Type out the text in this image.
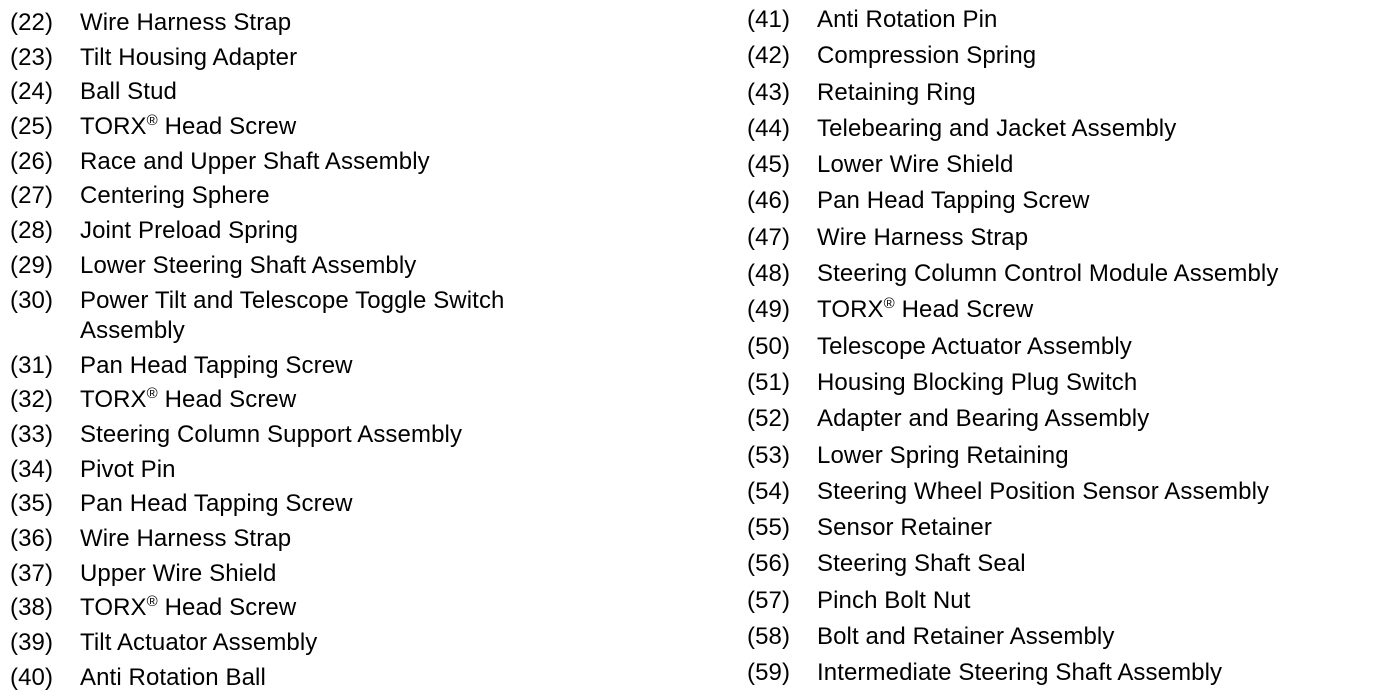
(22)	Wire Harness Strap
(23)	Tilt Housing Adapter
(24)	Ball Stud
(25)	TORX® Head Screw
(26)	Race and Upper Shaft Assembly
(27)	Centering Sphere
(28)	Joint Preload Spring
(29)	Lower Steering Shaft Assembly
(30)	Power Tilt and Telescope Toggle Switch Assembly
(31)	Pan Head Tapping Screw
(32)	TORX® Head Screw
(33)	Steering Column Support Assembly
(34)	Pivot Pin
(35)	Pan Head Tapping Screw
(36)	Wire Harness Strap
(37)	Upper Wire Shield
(38)	TORX® Head Screw
(39)	Tilt Actuator Assembly
(40)	Anti Rotation Ball
(41)	Anti Rotation Pin
(42)	Compression Spring
(43)	Retaining Ring
(44)	Telebearing and Jacket Assembly
(45)	Lower Wire Shield
(46)	Pan Head Tapping Screw
(47)	Wire Harness Strap
(48)	Steering Column Control Module Assembly
(49)	TORX® Head Screw
(50)	Telescope Actuator Assembly
(51)	Housing Blocking Plug Switch
(52)	Adapter and Bearing Assembly
(53)	Lower Spring Retaining
(54)	Steering Wheel Position Sensor Assembly
(55)	Sensor Retainer
(56)	Steering Shaft Seal
(57)	Pinch Bolt Nut
(58)	Bolt and Retainer Assembly
(59)	Intermediate Steering Shaft Assembly
